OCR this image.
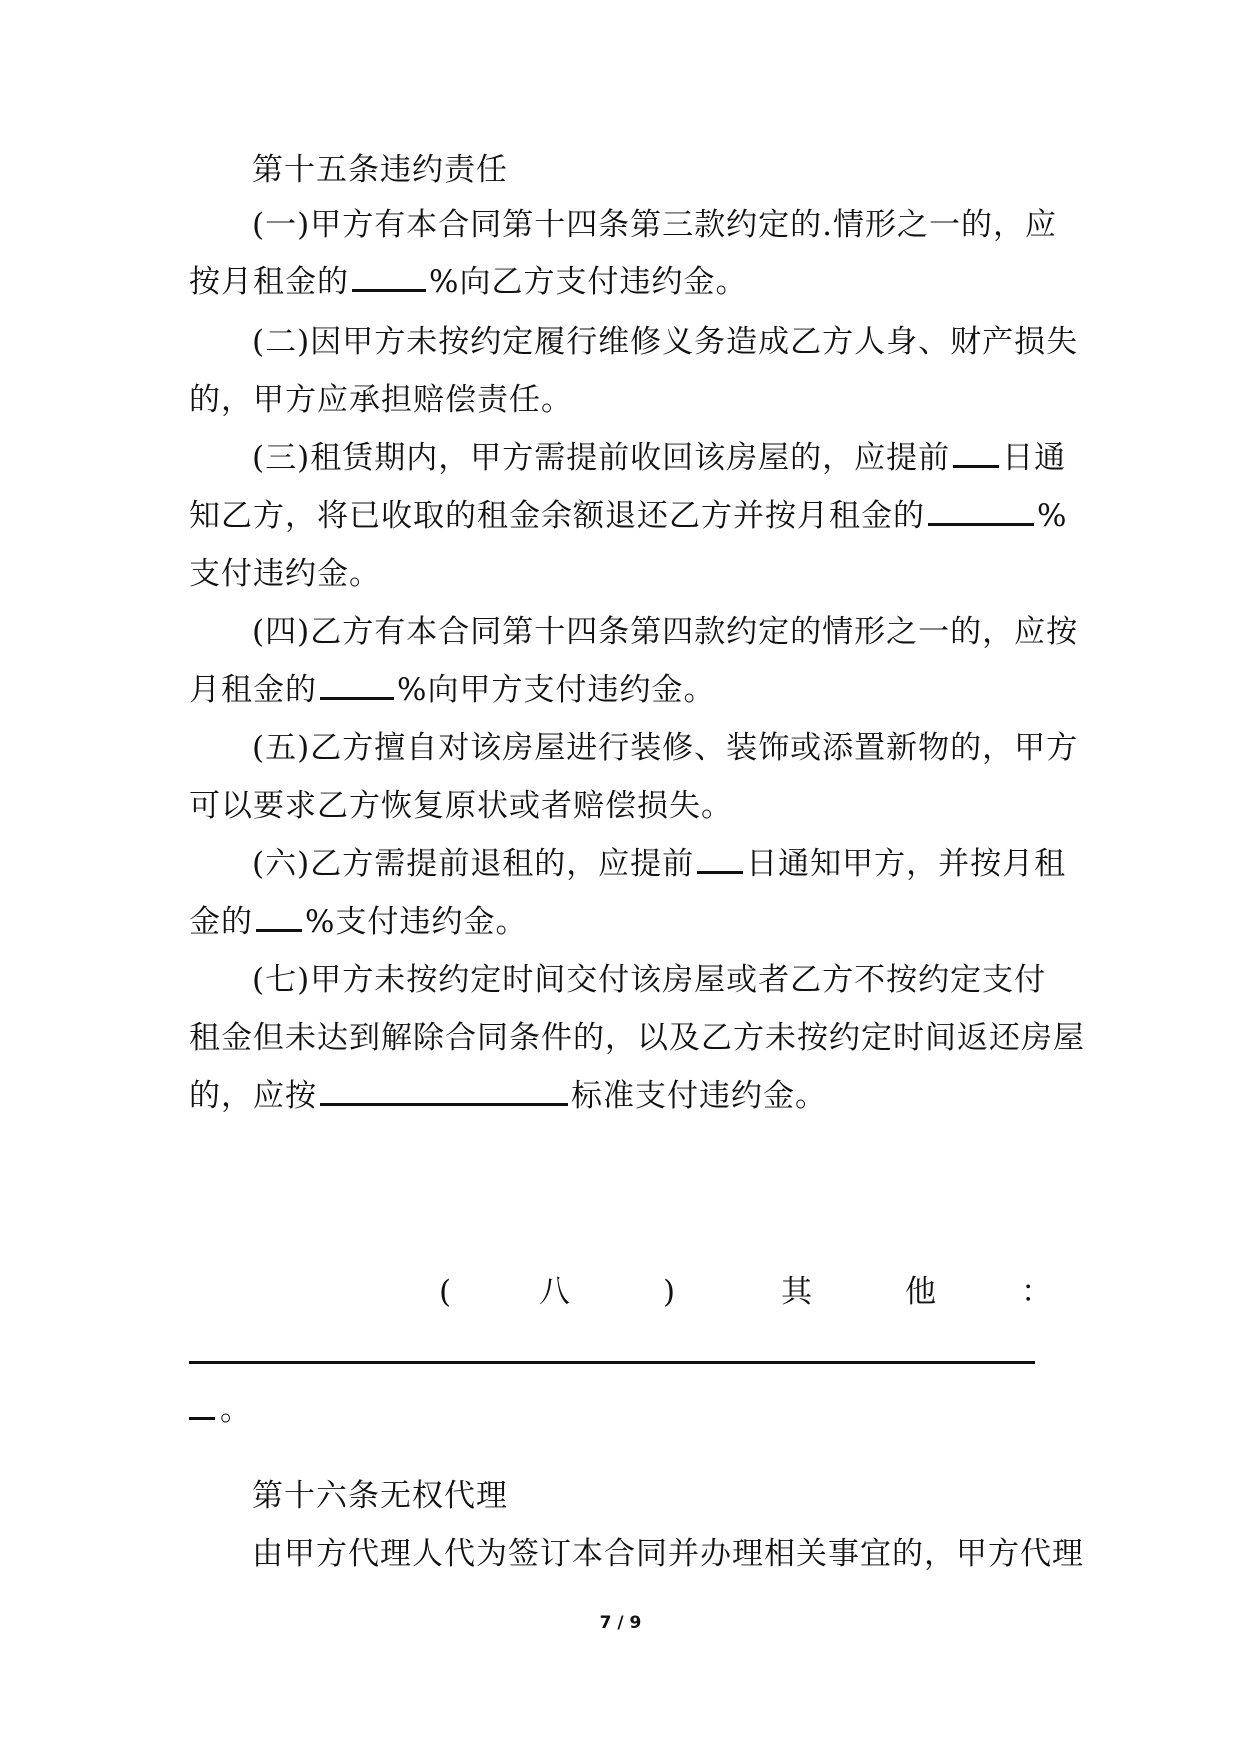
第十五条违约责任
(一)甲方有本合同第十四条第三款约定的.情形之一的，应
按月租金的	%向乙方支付违约金。
(二)因甲方未按约定履行维修义务造成乙方人身、财产损失
的，甲方应承担赔偿责任。
(三)租赁期内，甲方需提前收回该房屋的，应提前 日通
知乙方，将已收取的租金余额退还乙方并按月租金的	%
支付违约金。
(四)乙方有本合同第十四条第四款约定的情形之一的，应按
月租金的	%向甲方支付违约金。
(五)乙方擅自对该房屋进行装修、装饰或添置新物的，甲方
可以要求乙方恢复原状或者赔偿损失。
(六)乙方需提前退租的，应提前 日通知甲方，并按月租
金的 %支付违约金。
(七)甲方未按约定时间交付该房屋或者乙方不按约定支付
租金但未达到解除合同条件的，以及乙方未按约定时间返还房屋
的，应按	标准支付违约金。
(	八	)	其	他	：
。
第十六条无权代理
由甲方代理人代为签订本合同并办理相关事宜的，甲方代理
7 / 9
